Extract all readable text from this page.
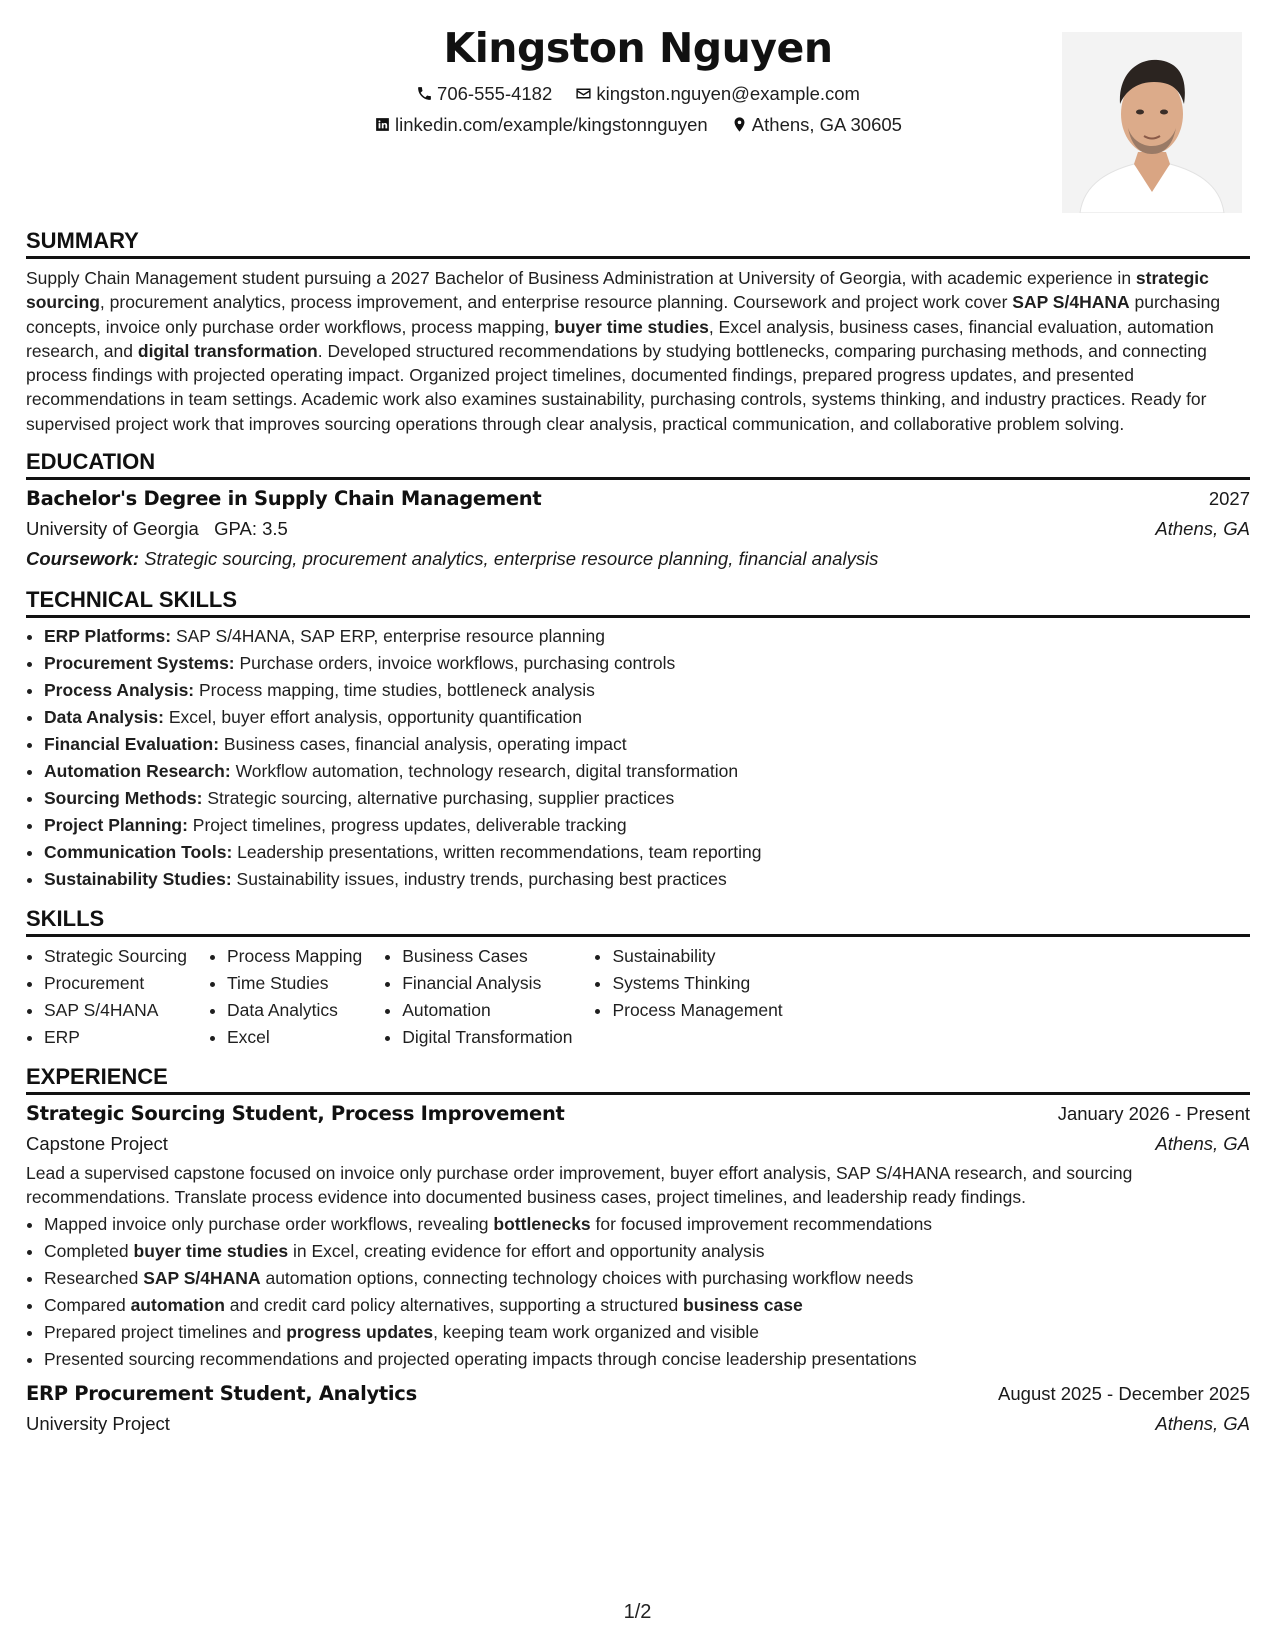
Kingston Nguyen
706-555-4182 kingston.nguyen@example.com
linkedin.com/example/kingstonnguyen Athens, GA 30605
SUMMARY

Supply Chain Management student pursuing a 2027 Bachelor of Business Administration at University of Georgia, with academic experience in strategic sourcing, procurement analytics, process improvement, and enterprise resource planning. Coursework and project work cover SAP S/4HANA purchasing concepts, invoice only purchase order workflows, process mapping, buyer time studies, Excel analysis, business cases, financial evaluation, automation research, and digital transformation. Developed structured recommendations by studying bottlenecks, comparing purchasing methods, and connecting process findings with projected operating impact. Organized project timelines, documented findings, prepared progress updates, and presented recommendations in team settings. Academic work also examines sustainability, purchasing controls, systems thinking, and industry practices. Ready for supervised project work that improves sourcing operations through clear analysis, practical communication, and collaborative problem solving.

EDUCATION
Bachelor's Degree in Supply Chain Management	2027
University of Georgia GPA: 3.5	Athens, GA
Coursework: Strategic sourcing, procurement analytics, enterprise resource planning, financial analysis
TECHNICAL SKILLS
• ERP Platforms: SAP S/4HANA, SAP ERP, enterprise resource planning
• Procurement Systems: Purchase orders, invoice workflows, purchasing controls
• Process Analysis: Process mapping, time studies, bottleneck analysis
• Data Analysis: Excel, buyer effort analysis, opportunity quantification
• Financial Evaluation: Business cases, financial analysis, operating impact
• Automation Research: Workflow automation, technology research, digital transformation
• Sourcing Methods: Strategic sourcing, alternative purchasing, supplier practices
• Project Planning: Project timelines, progress updates, deliverable tracking
• Communication Tools: Leadership presentations, written recommendations, team reporting
• Sustainability Studies: Sustainability issues, industry trends, purchasing best practices
SKILLS
• Strategic Sourcing
• Procurement
• SAP S/4HANA
• ERP
• Process Mapping
• Time Studies
• Data Analytics
• Excel
• Business Cases
• Financial Analysis
• Automation
• Digital Transformation
• Sustainability
• Systems Thinking
• Process Management
EXPERIENCE
Strategic Sourcing Student, Process Improvement	January 2026 - Present
Capstone Project	Athens, GA

Lead a supervised capstone focused on invoice only purchase order improvement, buyer effort analysis, SAP S/4HANA research, and sourcing recommendations. Translate process evidence into documented business cases, project timelines, and leadership ready findings.

• Mapped invoice only purchase order workflows, revealing bottlenecks for focused improvement recommendations
• Completed buyer time studies in Excel, creating evidence for effort and opportunity analysis
• Researched SAP S/4HANA automation options, connecting technology choices with purchasing workflow needs
• Compared automation and credit card policy alternatives, supporting a structured business case
• Prepared project timelines and progress updates, keeping team work organized and visible
• Presented sourcing recommendations and projected operating impacts through concise leadership presentations
ERP Procurement Student, Analytics	August 2025 - December 2025
University Project	Athens, GA
1/2
